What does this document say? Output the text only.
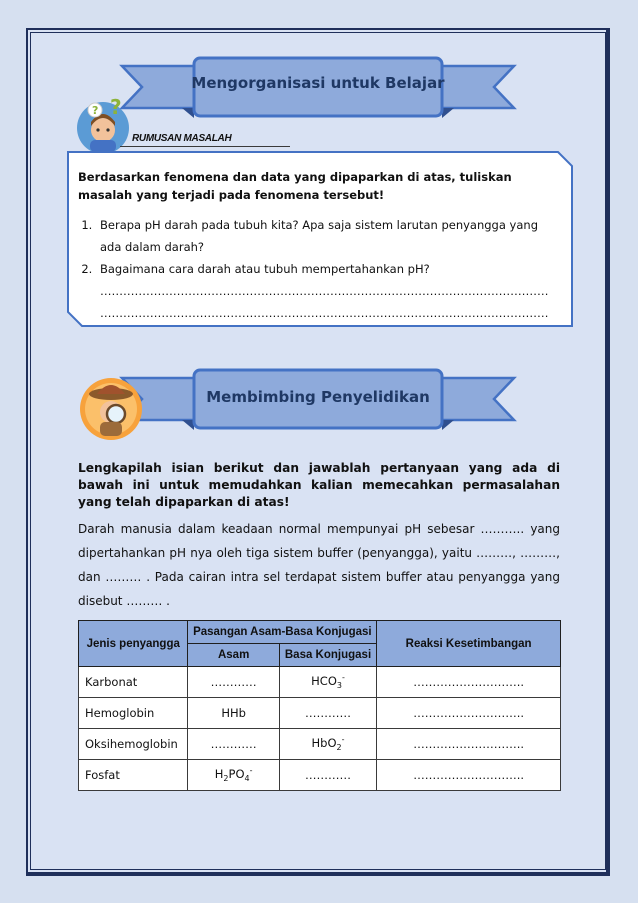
Mengorganisasi untuk Belajar
? ?
RUMUSAN MASALAH
Berdasarkan fenomena dan data yang dipaparkan di atas, tuliskan masalah yang terjadi pada fenomena tersebut!
1. Berapa pH darah pada tubuh kita? Apa saja sistem larutan penyangga yang ada dalam darah?
2. Bagaimana cara darah atau tubuh mempertahankan pH?
3. ………………………………………………………………………………………………………
4. ………………………………………………………………………………………………………
Membimbing Penyelidikan
Lengkapilah isian berikut dan jawablah pertanyaan yang ada di bawah ini untuk memudahkan kalian memecahkan permasalahan yang telah dipaparkan di atas!
Darah manusia dalam keadaan normal mempunyai pH sebesar ……….. yang dipertahankan pH nya oleh tiga sistem buffer (penyangga), yaitu ………, ………, dan ……… . Pada cairan intra sel terdapat sistem buffer atau penyangga yang disebut ……… .
Jenis penyangga	Pasangan Asam-Basa Konjugasi		Reaksi Kesetimbangan
	Asam	Basa Konjugasi	
Karbonat	…………	$HCO_3^-$	………………………..
Hemoglobin	HHb	…………	………………………..
Oksihemoglobin	…………	HbO$_2$-	………………………..
Fosfat	$H_2PO_4^-$	…………	………………………..
